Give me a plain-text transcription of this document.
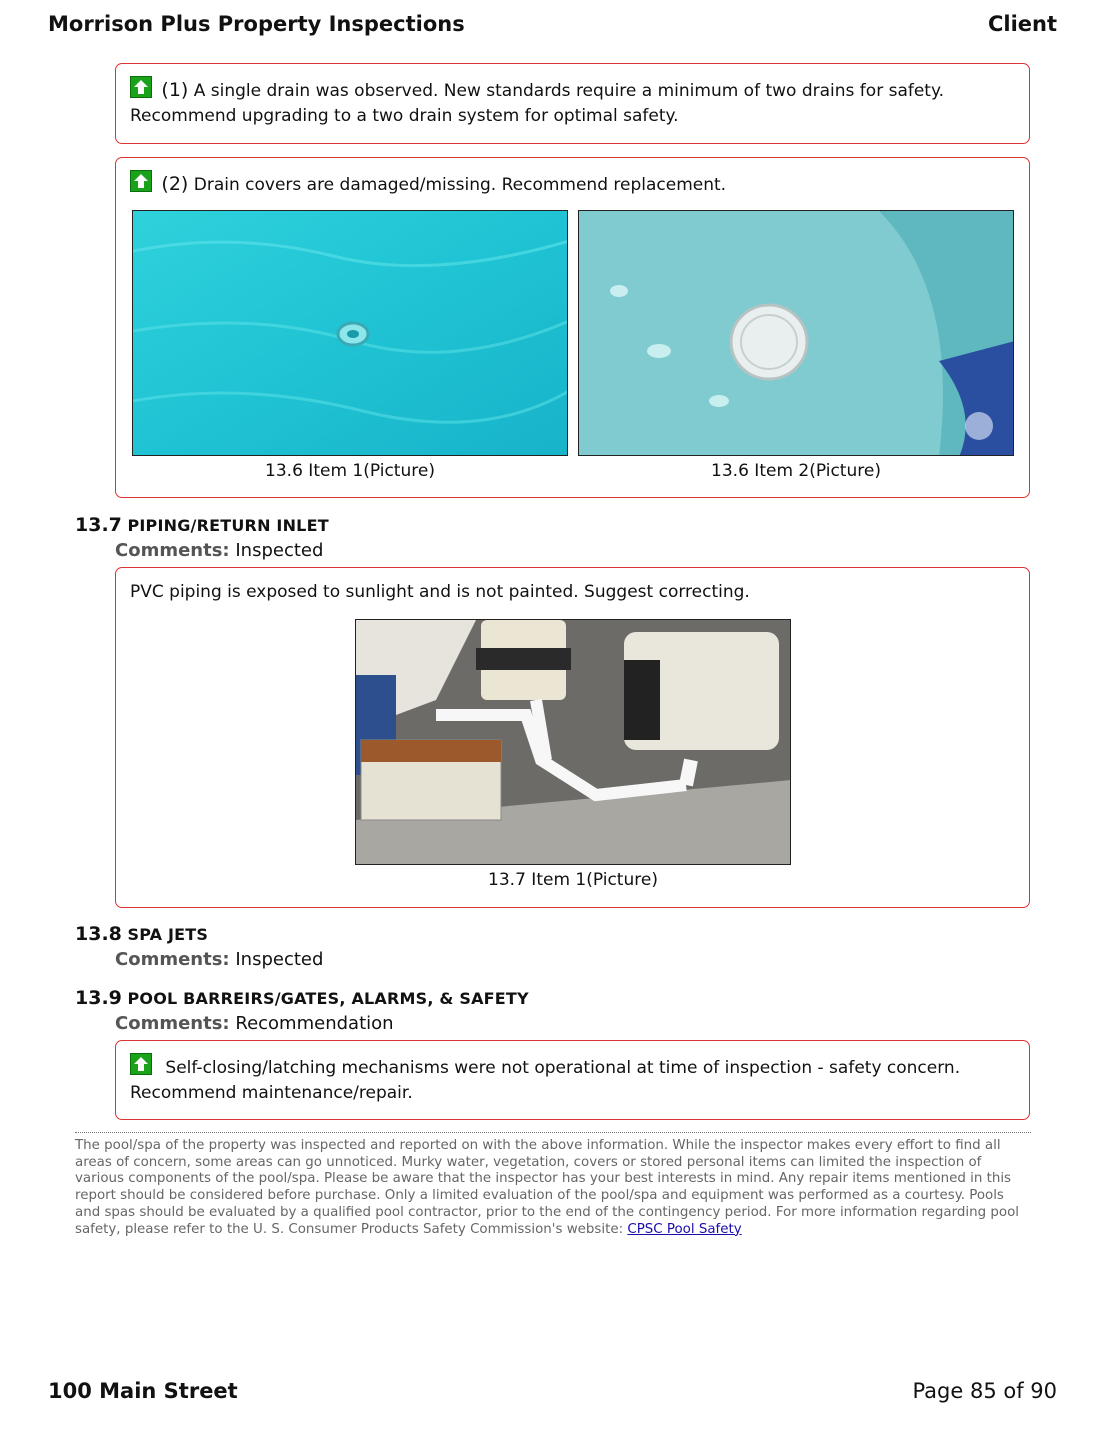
Morrison Plus Property Inspections	Client
(1) A single drain was observed. New standards require a minimum of two drains for safety. Recommend upgrading to a two drain system for optimal safety.
(2) Drain covers are damaged/missing. Recommend replacement.
13.6 Item 1(Picture)	13.6 Item 2(Picture)
13.7 PIPING/RETURN INLET
Comments: Inspected
PVC piping is exposed to sunlight and is not painted. Suggest correcting.
13.7 Item 1(Picture)
13.8 SPA JETS
Comments: Inspected
13.9 POOL BARREIRS/GATES, ALARMS, & SAFETY
Comments: Recommendation
Self-closing/latching mechanisms were not operational at time of inspection - safety concern. Recommend maintenance/repair.
The pool/spa of the property was inspected and reported on with the above information. While the inspector makes every effort to find all areas of concern, some areas can go unnoticed. Murky water, vegetation, covers or stored personal items can limited the inspection of various components of the pool/spa. Please be aware that the inspector has your best interests in mind. Any repair items mentioned in this report should be considered before purchase. Only a limited evaluation of the pool/spa and equipment was performed as a courtesy. Pools and spas should be evaluated by a qualified pool contractor, prior to the end of the contingency period. For more information regarding pool safety, please refer to the U. S. Consumer Products Safety Commission's website: CPSC Pool Safety
100 Main Street	Page 85 of 90
